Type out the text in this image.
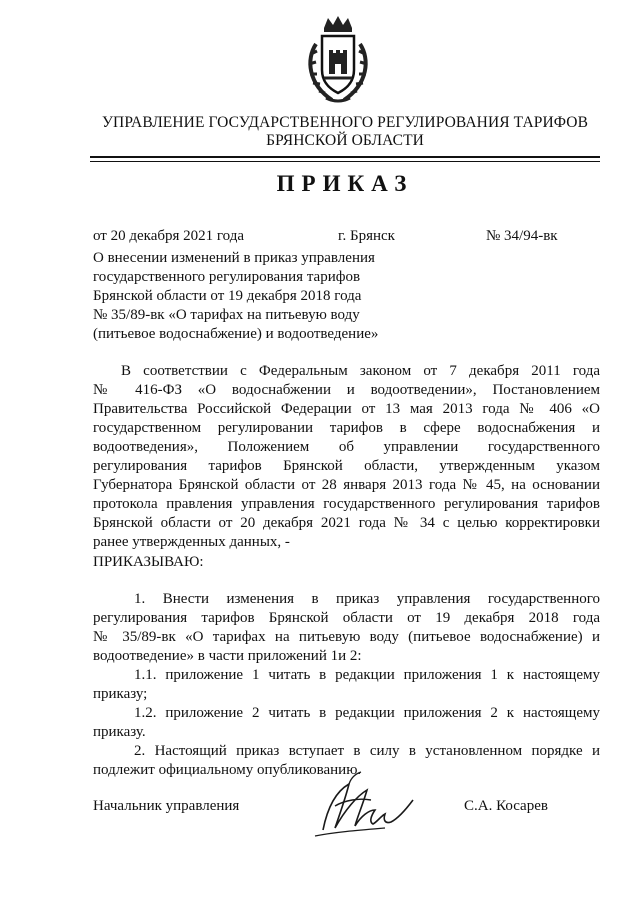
УПРАВЛЕНИЕ ГОСУДАРСТВЕННОГО РЕГУЛИРОВАНИЯ ТАРИФОВ
БРЯНСКОЙ ОБЛАСТИ
ПРИКАЗ
от 20 декабря 2021 года	г. Брянск	№ 34/94-вк
О внесении изменений в приказ управления
государственного регулирования тарифов
Брянской области от 19 декабря 2018 года
№ 35/89-вк «О тарифах на питьевую воду
(питьевое водоснабжение) и водоотведение»
В соответствии с Федеральным законом от 7 декабря 2011 года
№ 416-ФЗ «О водоснабжении и водоотведении», Постановлением
Правительства Российской Федерации от 13 мая 2013 года № 406 «О
государственном регулировании тарифов в сфере водоснабжения и
водоотведения», Положением об управлении государственного
регулирования тарифов Брянской области, утвержденным указом
Губернатора Брянской области от 28 января 2013 года № 45, на основании
протокола правления управления государственного регулирования тарифов
Брянской области от 20 декабря 2021 года № 34 с целью корректировки
ранее утвержденных данных, -
ПРИКАЗЫВАЮ:
1. Внести изменения в приказ управления государственного
регулирования тарифов Брянской области от 19 декабря 2018 года
№ 35/89-вк «О тарифах на питьевую воду (питьевое водоснабжение) и
водоотведение» в части приложений 1и 2:
1.1. приложение 1 читать в редакции приложения 1 к настоящему
приказу;
1.2. приложение 2 читать в редакции приложения 2 к настоящему
приказу.
2. Настоящий приказ вступает в силу в установленном порядке и
подлежит официальному опубликованию.
Начальник управления	С.А. Косарев
